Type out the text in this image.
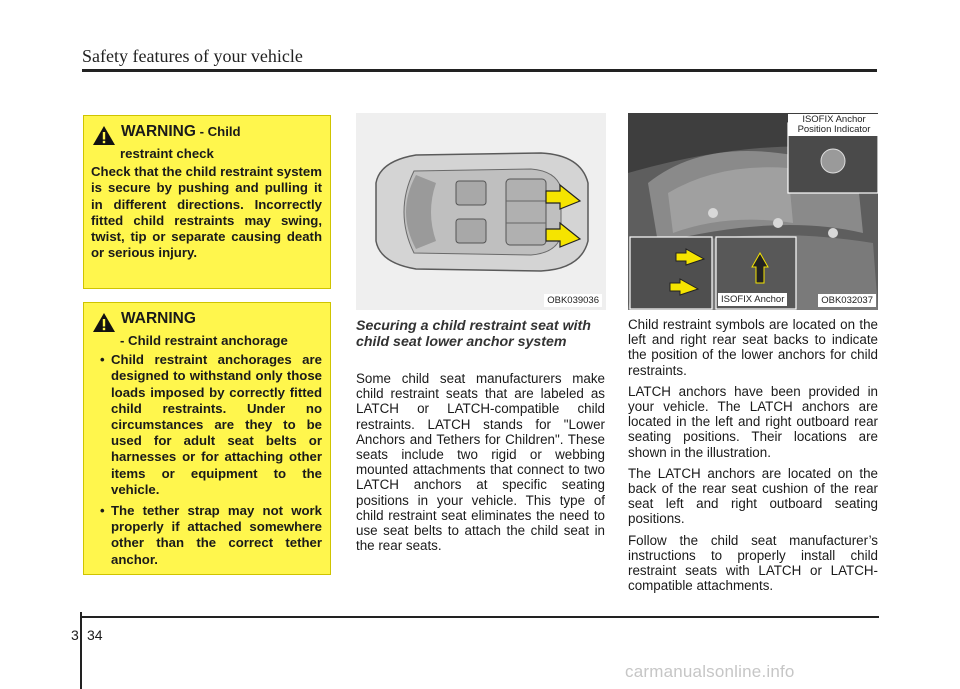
Safety features of your vehicle
WARNING - Child
restraint check
Check that the child restraint system is secure by pushing and pulling it in different directions. Incorrectly fitted child restraints may swing, twist, tip or separate causing death or serious injury.
WARNING
- Child restraint anchorage
• Child restraint anchorages are designed to withstand only those loads imposed by correctly fitted child restraints. Under no circumstances are they to be used for adult seat belts or harnesses or for attaching other items or equipment to the vehicle.
• The tether strap may not work properly if attached somewhere other than the correct tether anchor.
OBK039036
ISOFIX Anchor
Position Indicator
ISOFIX Anchor	OBK032037
Securing a child restraint seat with child seat lower anchor system

Some child seat manufacturers make child restraint seats that are labeled as LATCH or LATCH-compatible child restraints. LATCH stands for "Lower Anchors and Tethers for Children". These seats include two rigid or webbing mounted attachments that connect to two LATCH anchors at specific seating positions in your vehicle. This type of child restraint seat eliminates the need to use seat belts to attach the child seat in the rear seats.

Child restraint symbols are located on the left and right rear seat backs to indicate the position of the lower anchors for child restraints.

LATCH anchors have been provided in your vehicle. The LATCH anchors are located in the left and right outboard rear seating positions. Their locations are shown in the illustration.

The LATCH anchors are located on the back of the rear seat cushion of the rear seat left and right outboard seating positions.

Follow the child seat manufacturer’s instructions to properly install child restraint seats with LATCH or LATCH-compatible attachments.

3 34
carmanualsonline.info
